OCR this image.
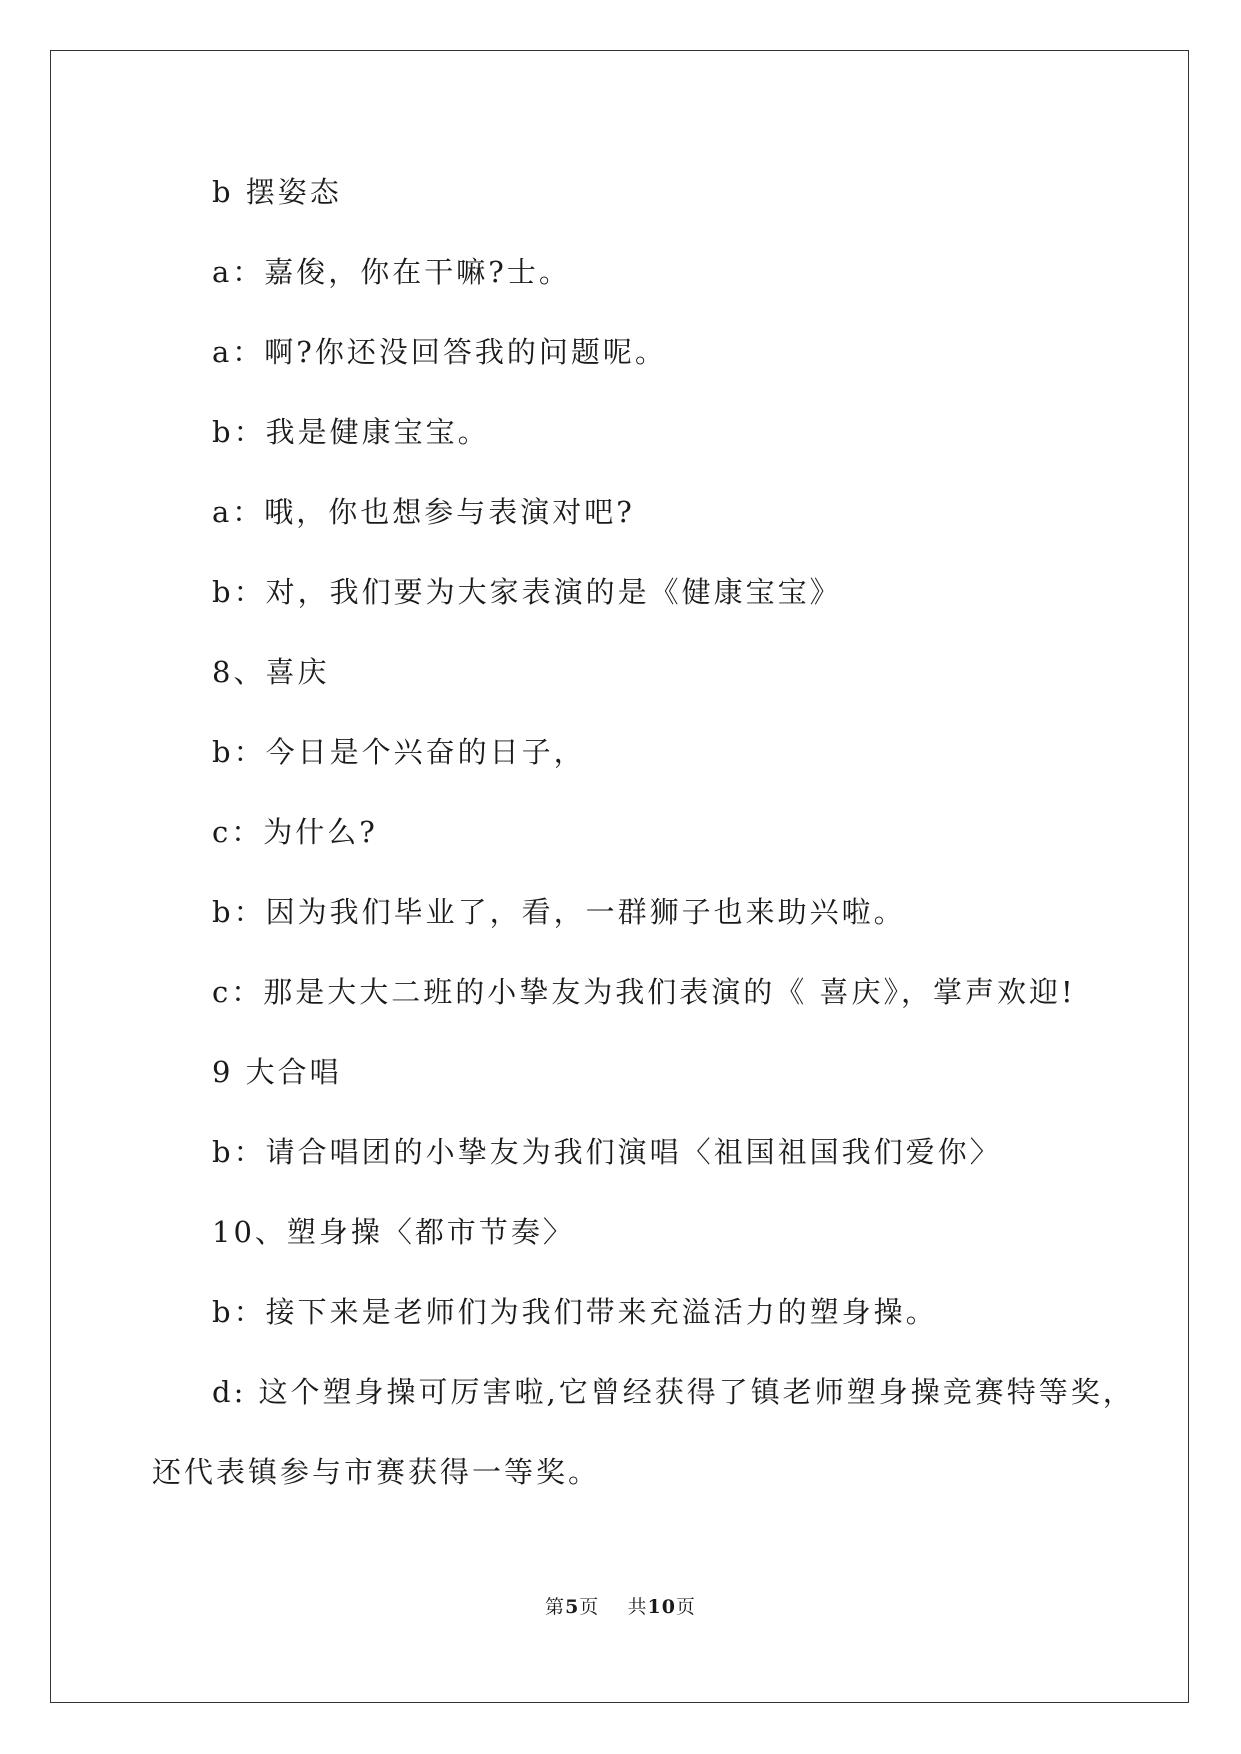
b 摆姿态
a：嘉俊，你在干嘛?士。
a：啊?你还没回答我的问题呢。
b：我是健康宝宝。
a：哦，你也想参与表演对吧?
b：对，我们要为大家表演的是《健康宝宝》
8、喜庆
b：今日是个兴奋的日子，
c：为什么?
b：因为我们毕业了，看，一群狮子也来助兴啦。
c：那是大大二班的小挚友为我们表演的《 喜庆》，掌声欢迎!
9 大合唱
b：请合唱团的小挚友为我们演唱〈祖国祖国我们爱你〉
10、塑身操〈都市节奏〉
b：接下来是老师们为我们带来充溢活力的塑身操。
d: 这个塑身操可厉害啦,它曾经获得了镇老师塑身操竞赛特等奖，
还代表镇参与市赛获得一等奖。
第5页    共10页
